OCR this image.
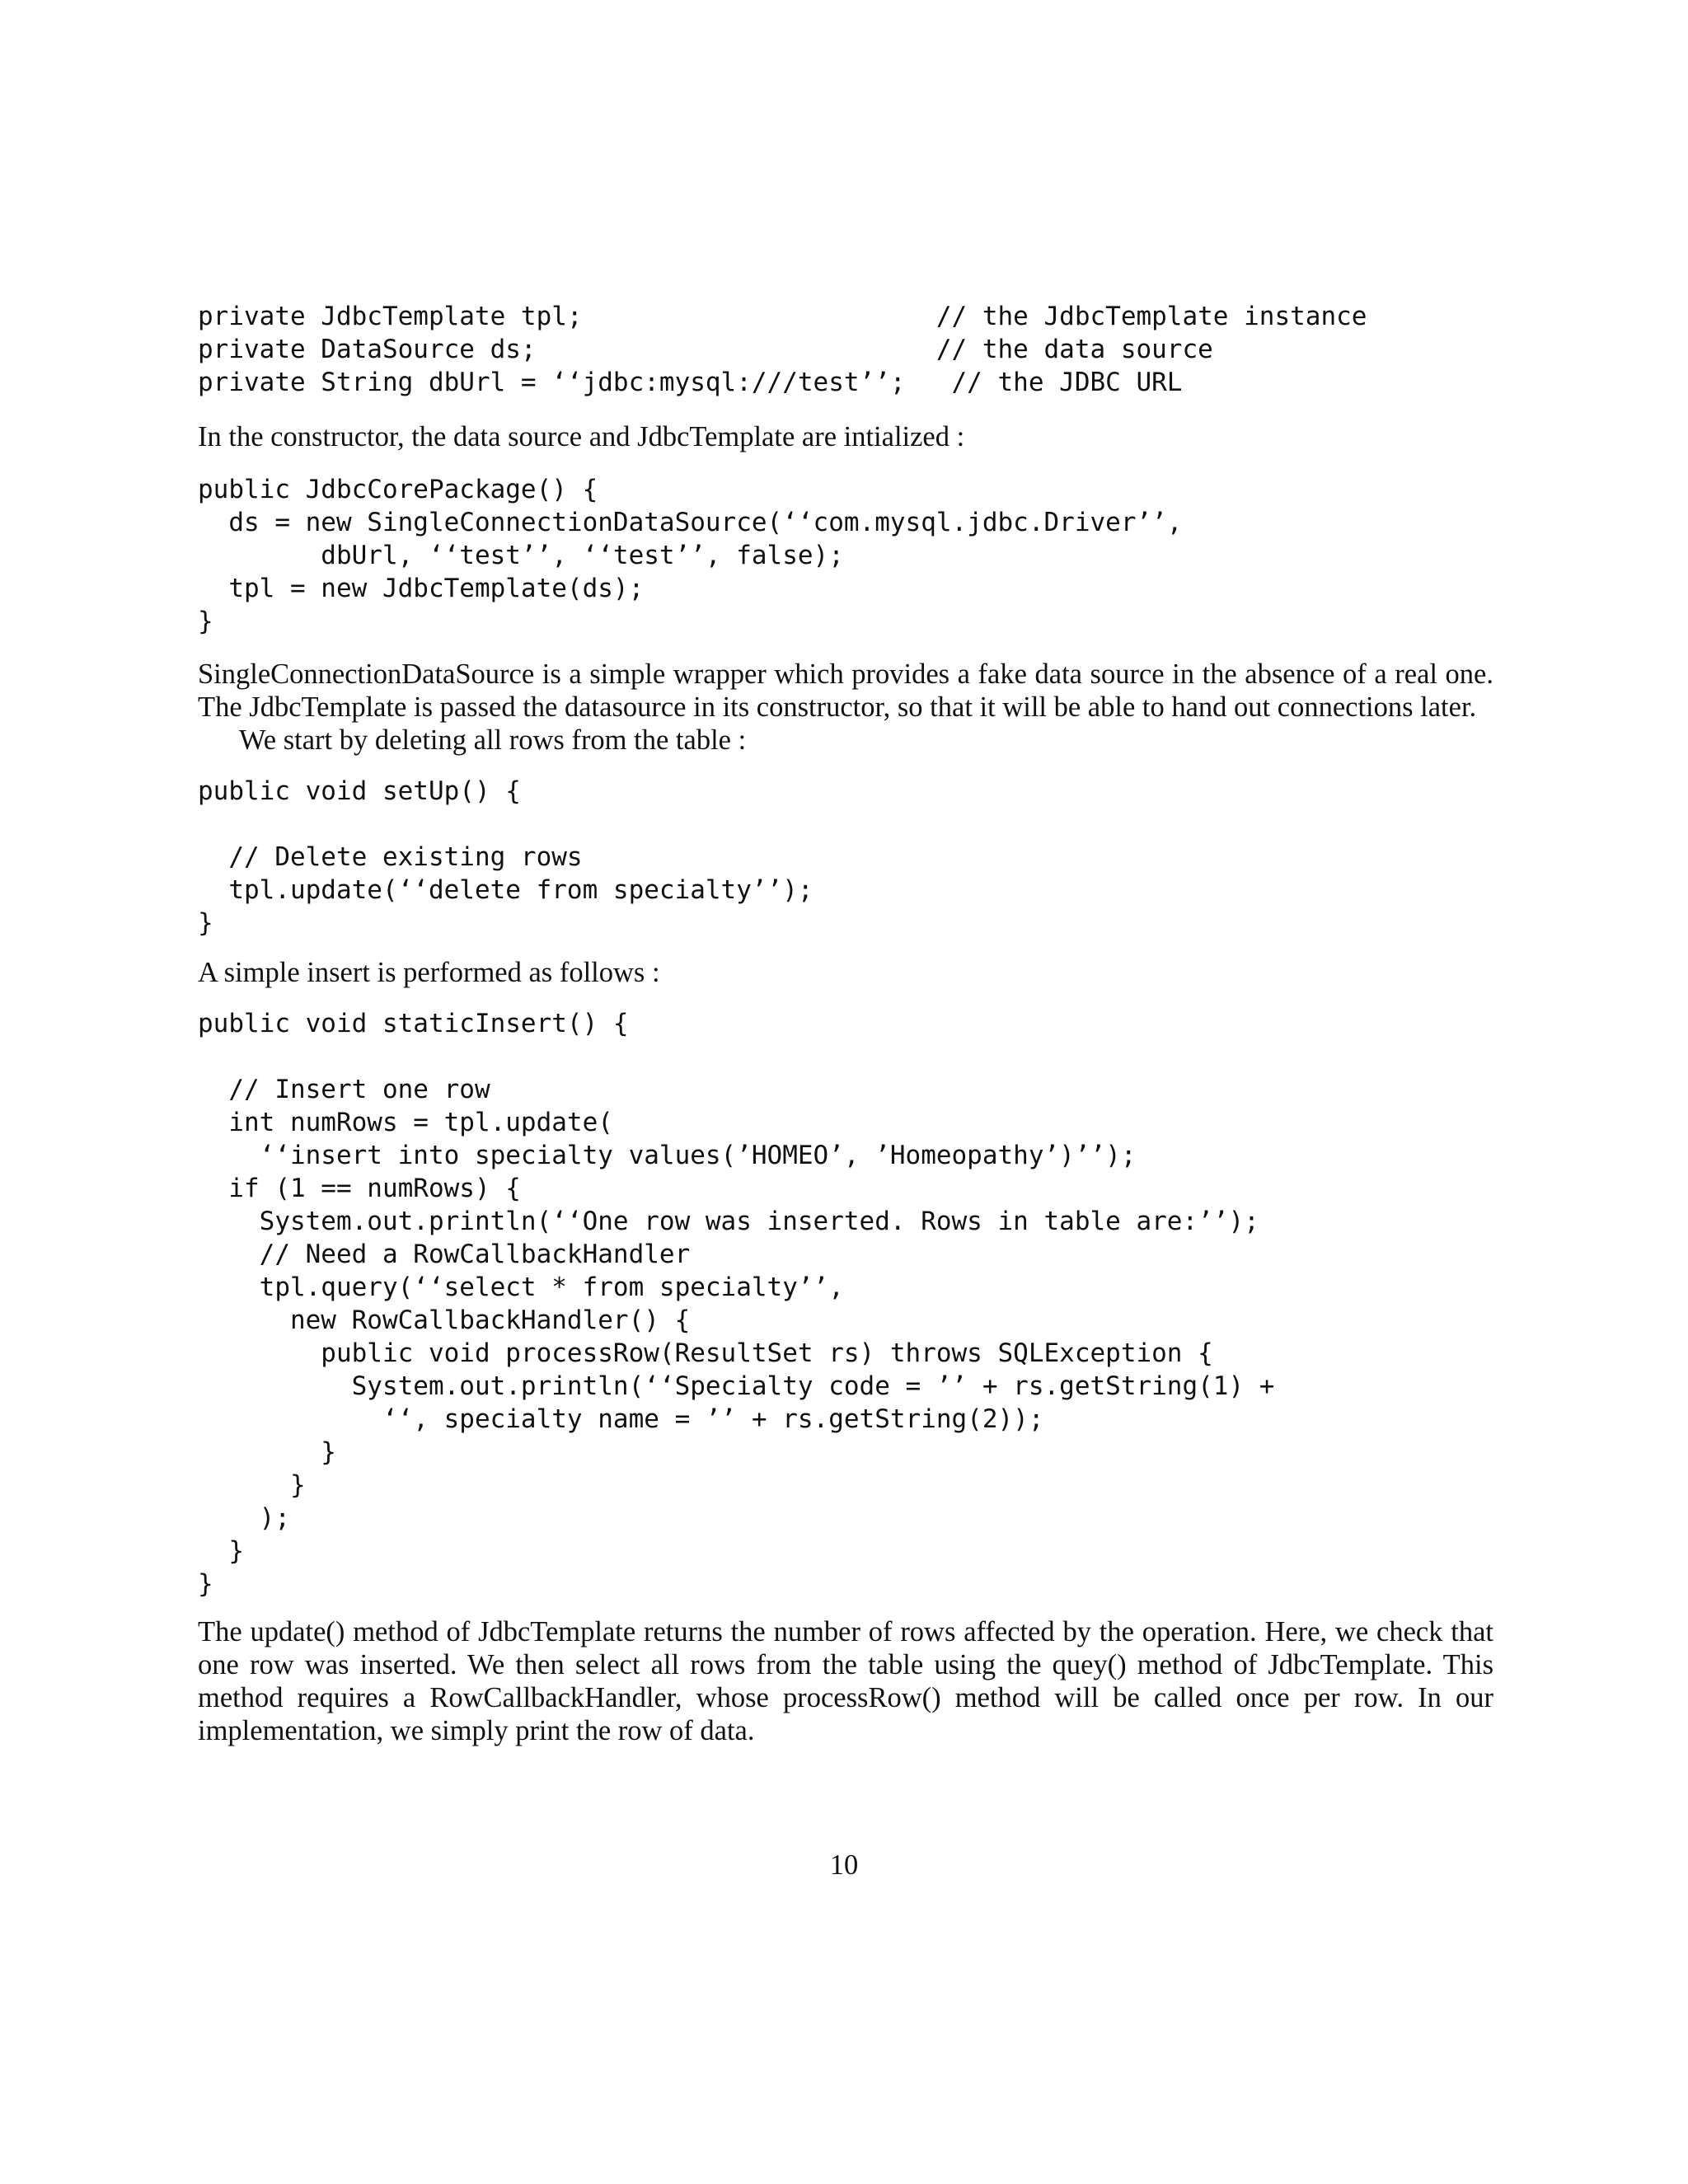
private JdbcTemplate tpl;                       // the JdbcTemplate instance
private DataSource ds;                          // the data source
private String dbUrl = ‘‘jdbc:mysql:///test’’;   // the JDBC URL

In the constructor, the data source and JdbcTemplate are intialized :

public JdbcCorePackage() {
ds = new SingleConnectionDataSource(‘‘com.mysql.jdbc.Driver’’,
dbUrl, ‘‘test’’, ‘‘test’’, false);
tpl = new JdbcTemplate(ds);
}

SingleConnectionDataSource is a simple wrapper which provides a fake data source in the absence of a real one. The JdbcTemplate is passed the datasource in its constructor, so that it will be able to hand out connections later.

We start by deleting all rows from the table :

public void setUp() {

// Delete existing rows
tpl.update(‘‘delete from specialty’’);
}

A simple insert is performed as follows :

public void staticInsert() {

// Insert one row
int numRows = tpl.update(
‘‘insert into specialty values(’HOMEO’, ’Homeopathy’)’’);
if (1 == numRows) {
System.out.println(‘‘One row was inserted. Rows in table are:’’);
// Need a RowCallbackHandler
tpl.query(‘‘select * from specialty’’,
new RowCallbackHandler() {
public void processRow(ResultSet rs) throws SQLException {
System.out.println(‘‘Specialty code = ’’ + rs.getString(1) +
‘‘, specialty name = ’’ + rs.getString(2));
}
}
);
}
}

The update() method of JdbcTemplate returns the number of rows affected by the operation. Here, we check that one row was inserted. We then select all rows from the table using the quey() method of JdbcTemplate. This method requires a RowCallbackHandler, whose processRow() method will be called once per row. In our implementation, we simply print the row of data.

10
